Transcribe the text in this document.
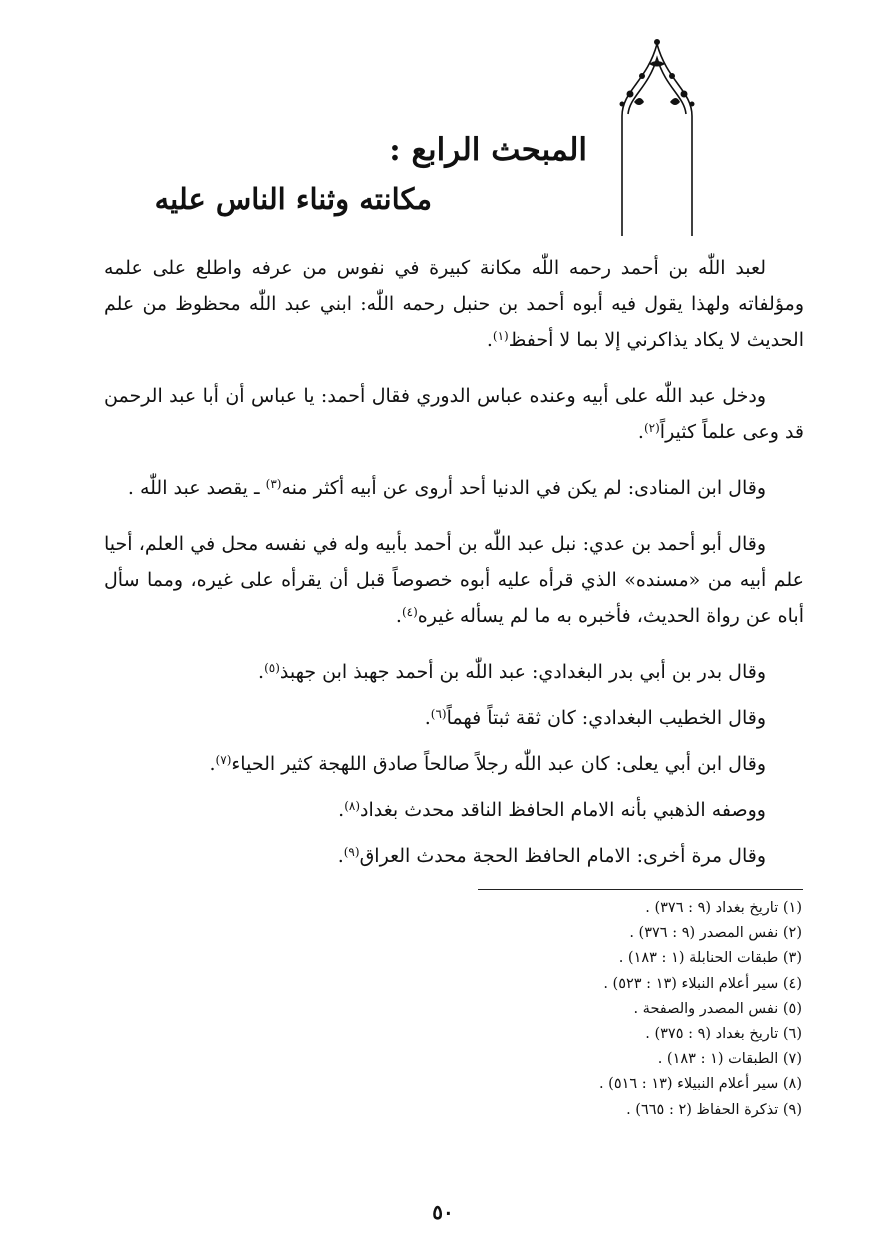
المبحث الرابع :
مكانته وثناء الناس عليه

لعبد اللّٰه بن أحمد رحمه اللّٰه مكانة كبيرة في نفوس من عرفه واطلع على علمه ومؤلفاته ولهذا يقول فيه أبوه أحمد بن حنبل رحمه اللّٰه: ابني عبد اللّٰه محظوظ من علم الحديث لا يكاد يذاكرني إلا بما لا أحفظ$^{(١)}$.

ودخل عبد اللّٰه على أبيه وعنده عباس الدوري فقال أحمد: يا عباس أن أبا عبد الرحمن قد وعى علماً كثيراً$^{(٢)}$.

وقال ابن المنادى: لم يكن في الدنيا أحد أروى عن أبيه أكثر منه$^{(٣)}$ ـ يقصد عبد اللّٰه .

وقال أبو أحمد بن عدي: نبل عبد اللّٰه بن أحمد بأبيه وله في نفسه محل في العلم، أحيا علم أبيه من «مسنده» الذي قرأه عليه أبوه خصوصاً قبل أن يقرأه على غيره، ومما سأل أباه عن رواة الحديث، فأخبره به ما لم يسأله غيره$^{(٤)}$.

وقال بدر بن أبي بدر البغدادي: عبد اللّٰه بن أحمد جهبذ ابن جهبذ$^{(٥)}$.

وقال الخطيب البغدادي: كان ثقة ثبتاً فهماً$^{(٦)}$.

وقال ابن أبي يعلى: كان عبد اللّٰه رجلاً صالحاً صادق اللهجة كثير الحياء$^{(٧)}$.

ووصفه الذهبي بأنه الامام الحافظ الناقد محدث بغداد$^{(٨)}$.

وقال مرة أخرى: الامام الحافظ الحجة محدث العراق$^{(٩)}$.

(١) تاريخ بغداد (٩ : ٣٧٦) .
(٢) نفس المصدر (٩ : ٣٧٦) .
(٣) طبقات الحنابلة (١ : ١٨٣) .
(٤) سير أعلام النبلاء (١٣ : ٥٢٣) .
(٥) نفس المصدر والصفحة .
(٦) تاريخ بغداد (٩ : ٣٧٥) .
(٧) الطبقات (١ : ١٨٣) .
(٨) سير أعلام النبيلاء (١٣ : ٥١٦) .
(٩) تذكرة الحفاظ (٢ : ٦٦٥) .
٥٠
